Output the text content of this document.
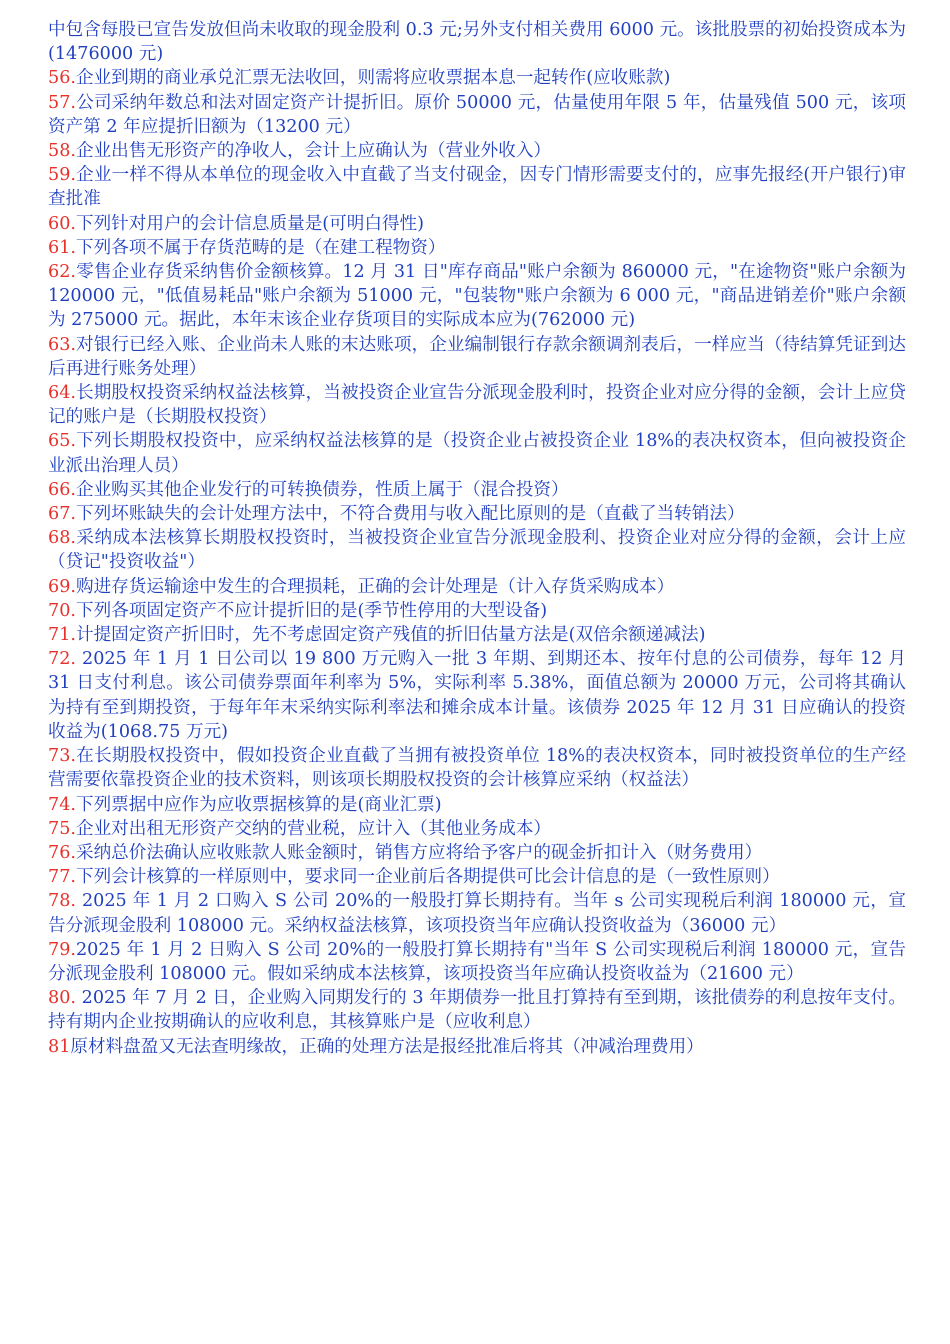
中包含每股已宣告发放但尚未收取的现金股利 0.3 元;另外支付相关费用 6000 元。该批股票的初始投资成本为(1476000 元)

56.企业到期的商业承兑汇票无法收回，则需将应收票据本息一起转作(应收账款)

57.公司采纳年数总和法对固定资产计提折旧。原价 50000 元，估量使用年限 5 年，估量残值 500 元，该项资产第 2 年应提折旧额为（13200 元）

58.企业出售无形资产的净收人，会计上应确认为（营业外收入）

59.企业一样不得从本单位的现金收入中直截了当支付砚金，因专门情形需要支付的，应事先报经(开户银行)审查批准

60.下列针对用户的会计信息质量是(可明白得性)

61.下列各项不属于存货范畴的是（在建工程物资）

62.零售企业存货采纳售价金额核算。12 月 31 日"库存商品"账户余额为 860000 元，"在途物资"账户余额为 120000 元，"低值易耗品"账户余额为 51000 元，"包装物"账户余额为 6 000 元，"商品进销差价"账户余额为 275000 元。据此，本年末该企业存货项目的实际成本应为(762000 元)

63.对银行已经入账、企业尚未人账的末达账项，企业编制银行存款余额调剂表后，一样应当（待结算凭证到达后再进行账务处理）

64.长期股权投资采纳权益法核算，当被投资企业宣告分派现金股利时，投资企业对应分得的金额，会计上应贷记的账户是（长期股权投资）

65.下列长期股权投资中，应采纳权益法核算的是（投资企业占被投资企业 18%的表决权资本，但向被投资企业派出治理人员）

66.企业购买其他企业发行的可转换债券，性质上属于（混合投资）

67.下列坏账缺失的会计处理方法中，不符合费用与收入配比原则的是（直截了当转销法）

68.采纳成本法核算长期股权投资时，当被投资企业宣告分派现金股利、投资企业对应分得的金额，会计上应（贷记"投资收益"）

69.购进存货运输途中发生的合理损耗，正确的会计处理是（计入存货采购成本）

70.下列各项固定资产不应计提折旧的是(季节性停用的大型设备)

71.计提固定资产折旧时，先不考虑固定资产残值的折旧估量方法是(双倍余额递减法)

72. 2025 年 1 月 1 日公司以 19 800 万元购入一批 3 年期、到期还本、按年付息的公司债券，每年 12 月 31 日支付利息。该公司债券票面年利率为 5%，实际利率 5.38%，面值总额为 20000 万元，公司将其确认为持有至到期投资，于每年年末采纳实际利率法和摊余成本计量。该债券 2025 年 12 月 31 日应确认的投资收益为(1068.75 万元)

73.在长期股权投资中，假如投资企业直截了当拥有被投资单位 18%的表决权资本，同时被投资单位的生产经营需要依靠投资企业的技术资料，则该项长期股权投资的会计核算应采纳（权益法）

74.下列票据中应作为应收票据核算的是(商业汇票)

75.企业对出租无形资产交纳的营业税，应计入（其他业务成本）

76.采纳总价法确认应收账款人账金额时，销售方应将给予客户的砚金折扣计入（财务费用）

77.下列会计核算的一样原则中，要求同一企业前后各期提供可比会计信息的是（一致性原则）

78. 2025 年 1 月 2 口购入 S 公司 20%的一般股打算长期持有。当年 s 公司实现税后利润 180000 元，宣告分派现金股利 108000 元。采纳权益法核算，该项投资当年应确认投资收益为（36000 元）

79.2025 年 1 月 2 日购入 S 公司 20%的一般股打算长期持有"当年 S 公司实现税后利润 180000 元，宣告分派现金股利 108000 元。假如采纳成本法核算，该项投资当年应确认投资收益为（21600 元）

80. 2025 年 7 月 2 日，企业购入同期发行的 3 年期债券一批且打算持有至到期，该批债券的利息按年支付。持有期内企业按期确认的应收利息，其核算账户是（应收利息）

81原材料盘盈又无法查明缘故，正确的处理方法是报经批准后将其（冲减治理费用）
